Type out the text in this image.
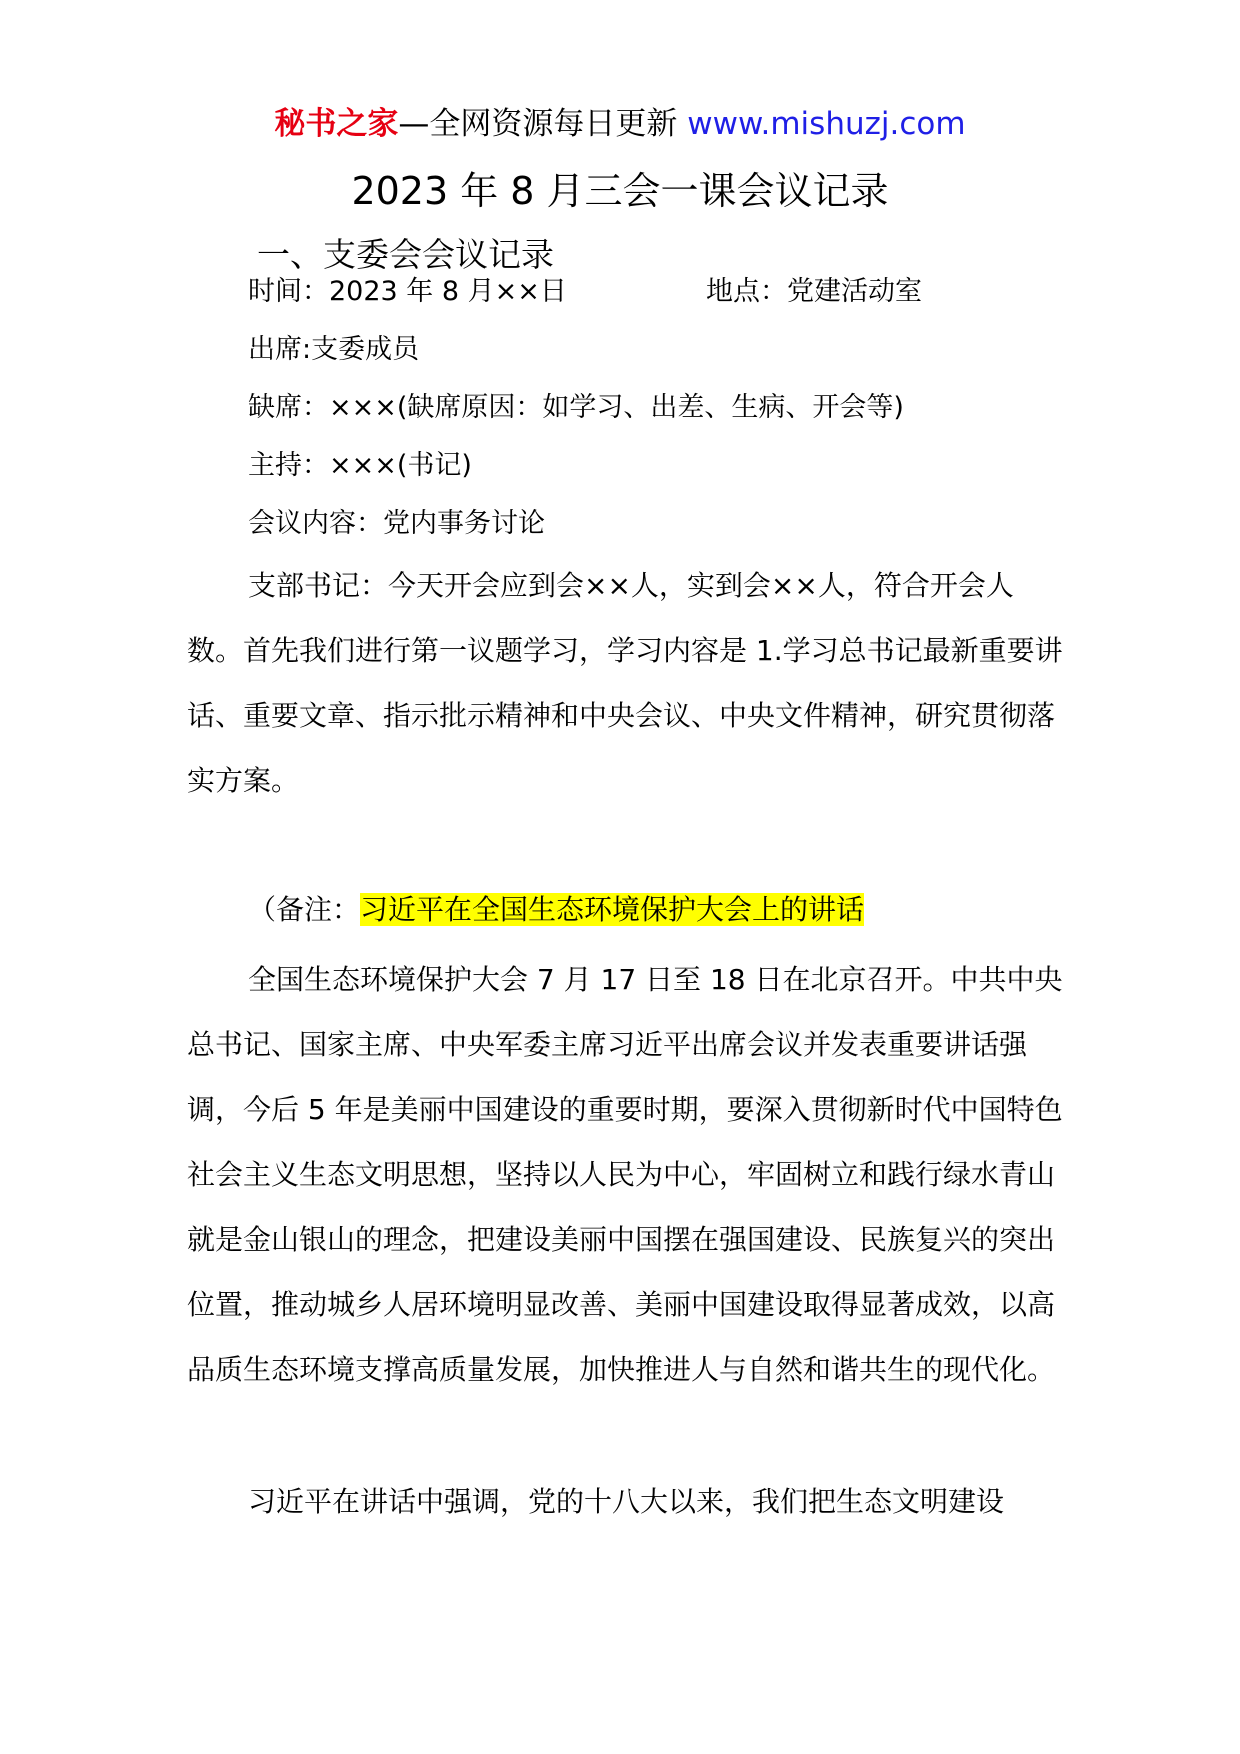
秘书之家—全网资源每日更新 www.mishuzj.com
2023 年 8 月三会一课会议记录
一、支委会会议记录
时间：2023 年 8 月××日	地点：党建活动室
出席:支委成员
缺席：×××(缺席原因：如学习、出差、生病、开会等)
主持：×××(书记)
会议内容：党内事务讨论

支部书记：今天开会应到会××人，实到会××人，符合开会人数。首先我们进行第一议题学习，学习内容是 1.学习总书记最新重要讲话、重要文章、指示批示精神和中央会议、中央文件精神，研究贯彻落实方案。

（备注：习近平在全国生态环境保护大会上的讲话

全国生态环境保护大会 7 月 17 日至 18 日在北京召开。中共中央总书记、国家主席、中央军委主席习近平出席会议并发表重要讲话强调，今后 5 年是美丽中国建设的重要时期，要深入贯彻新时代中国特色社会主义生态文明思想，坚持以人民为中心，牢固树立和践行绿水青山就是金山银山的理念，把建设美丽中国摆在强国建设、民族复兴的突出位置，推动城乡人居环境明显改善、美丽中国建设取得显著成效，以高品质生态环境支撑高质量发展，加快推进人与自然和谐共生的现代化。

习近平在讲话中强调，党的十八大以来，我们把生态文明建设
